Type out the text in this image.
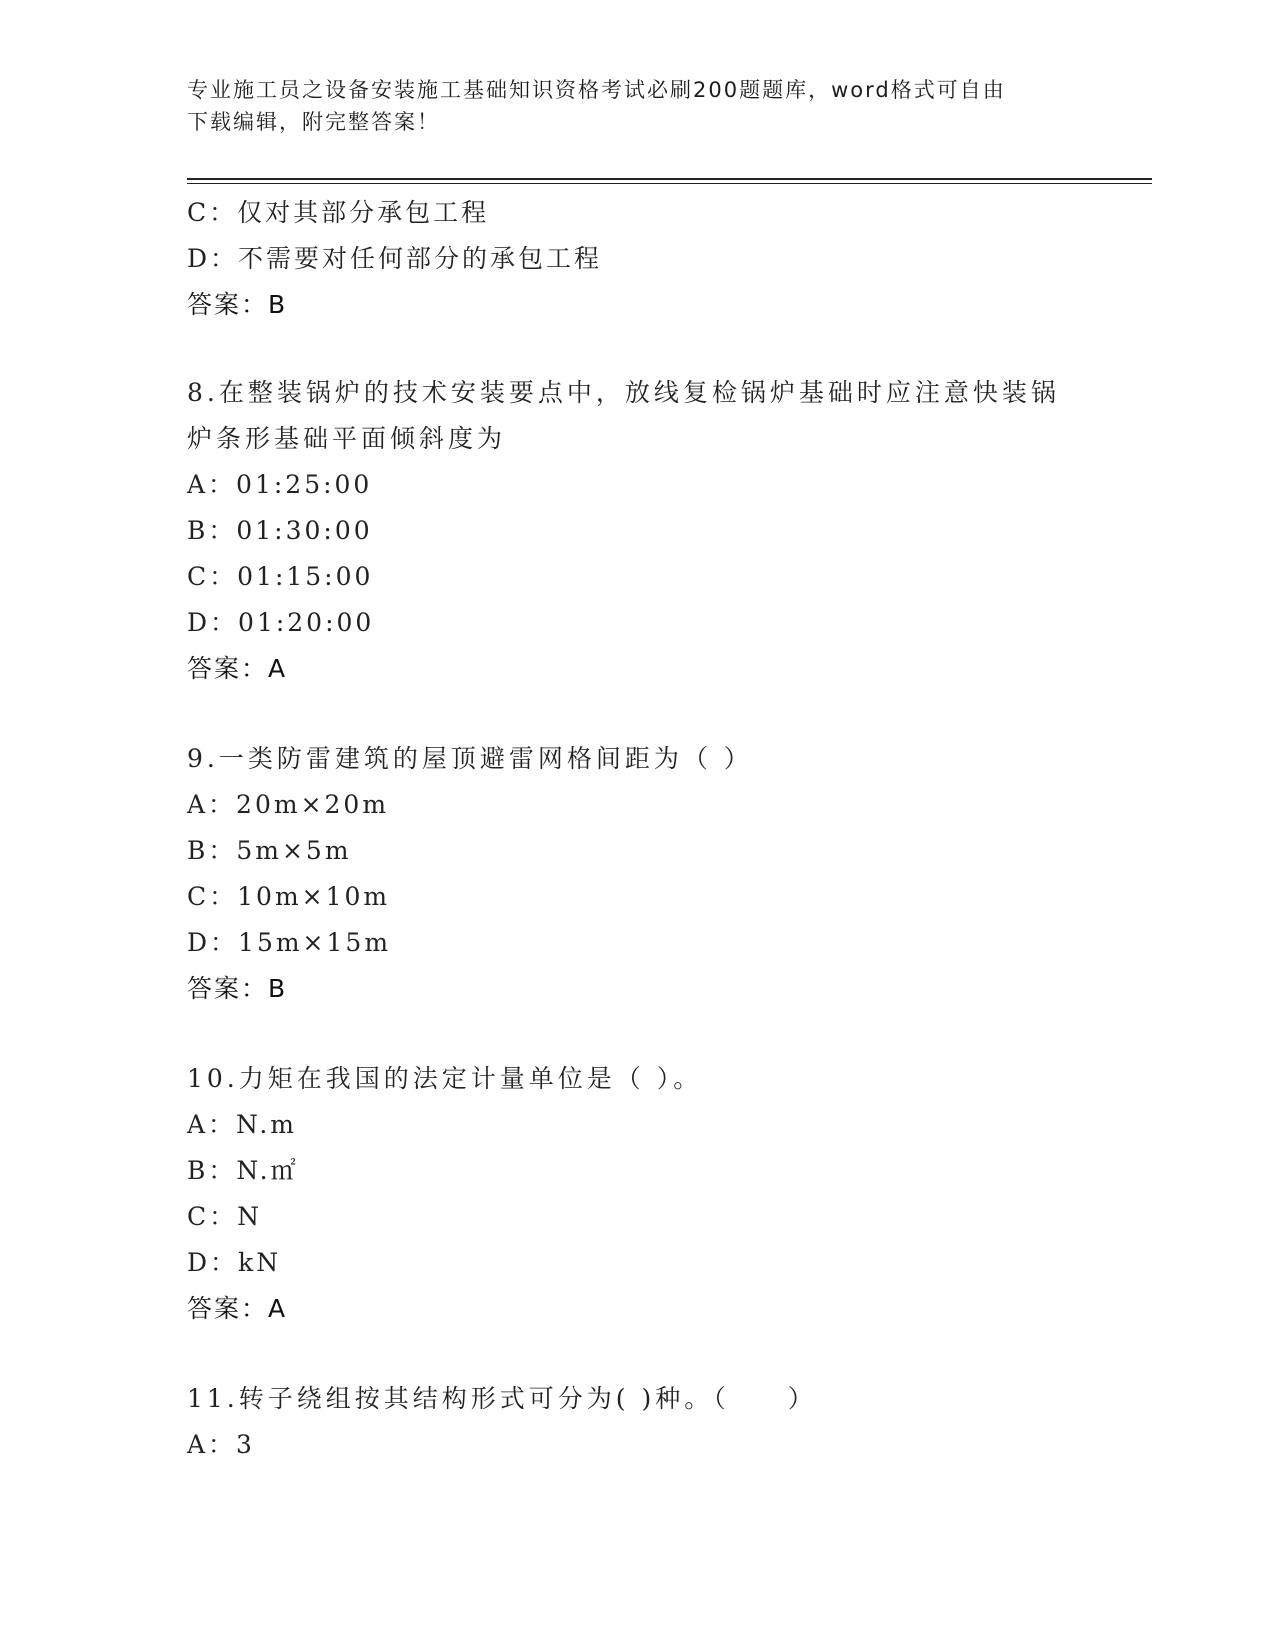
专业施工员之设备安装施工基础知识资格考试必刷200题题库，word格式可自由
下载编辑，附完整答案！
C：仅对其部分承包工程
D：不需要对任何部分的承包工程
答案：B
8.在整装锅炉的技术安装要点中，放线复检锅炉基础时应注意快装锅
炉条形基础平面倾斜度为
A：01:25:00
B：01:30:00
C：01:15:00
D：01:20:00
答案：A
9.一类防雷建筑的屋顶避雷网格间距为（ ）
A：20m×20m
B：5m×5m
C：10m×10m
D：15m×15m
答案：B
10.力矩在我国的法定计量单位是（ ）。
A：N.m
B：N.㎡
C：N
D：kN
答案：A
11.转子绕组按其结构形式可分为( )种。（　　）
A：3
